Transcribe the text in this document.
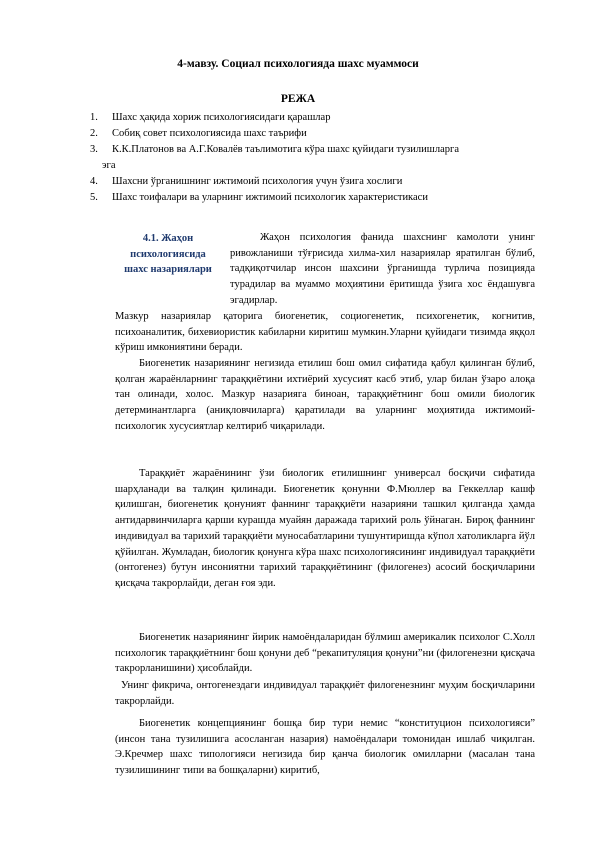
4-мавзу. Социал психологияда шахс муаммоси
РЕЖА
1. Шахс ҳақида хориж психологиясидаги қарашлар
2. Собиқ совет психологиясида шахс таърифи
3. К.К.Платонов ва А.Г.Ковалёв таълимотига кўра шахс қуйидаги тузилишларга
эга
4. Шахсни ўрганишнинг ижтимоий психология учун ўзига хослиги
5. Шахс тоифалари ва уларнинг ижтимоий психологик характеристикаси
4.1. Жаҳон психологиясида шахс назариялари

Жаҳон психология фанида шахснинг камолоти унинг ривожланиши тўғрисида хилма-хил назариялар яратилган бўлиб, тадқиқотчилар инсон шахсини ўрганишда турлича позицияда турадилар ва муаммо моҳиятини ёритишда ўзига хос ёндашувга эгадирлар.

Мазкур назариялар қаторига биогенетик, социогенетик, психогенетик, когнитив, психоаналитик, бихевиористик кабиларни киритиш мумкин.Уларни қуйидаги тизимда яққол кўриш имкониятини беради.

Биогенетик назариянинг негизида етилиш бош омил сифатида қабул қилинган бўлиб, қолган жараёнларнинг тараққиётини ихтиёрий хусусият касб этиб, улар билан ўзаро алоқа тан олинади, холос. Мазкур назарияга биноан, тараққиётнинг бош омили биологик детерминантларга (аниқловчиларга) қаратилади ва уларнинг моҳиятида ижтимоий-психологик хусусиятлар келтириб чиқарилади.

Тараққиёт жараёнининг ўзи биологик етилишнинг универсал босқичи сифатида шарҳланади ва талқин қилинади. Биогенетик қонунни Ф.Мюллер ва Геккеллар кашф қилишган, биогенетик қонуният фаннинг тараққиёти назарияни ташкил қилганда ҳамда антидарвинчиларга қарши курашда муайян даражада тарихий роль ўйнаган. Бироқ фаннинг индивидуал ва тарихий тараққиёти муносабатларини тушунтиришда кўпол хатоликларга йўл қўйилган. Жумладан, биологик қонунга кўра шахс психологиясининг индивидуал тараққиёти (онтогенез) бутун инсониятни тарихий тараққиётининг (филогенез) асосий босқичларини қисқача такрорлайди, деган ғоя эди.

Биогенетик назариянинг йирик намоёндаларидан бўлмиш америкалик психолог С.Холл психологик тараққиётнинг бош қонуни деб “рекапитуляция қонуни”ни (филогенезни қисқача такрорланишини) ҳисоблайди.

Унинг фикрича, онтогенездаги индивидуал тараққиёт филогенезнинг муҳим босқичларини такрорлайди.

Биогенетик концепциянинг бошқа бир тури немис “конституцион психологияси” (инсон тана тузилишига асосланган назария) намоёндалари томонидан ишлаб чиқилган. Э.Кречмер шахс типологияси негизида бир қанча биологик омилларни (масалан тана тузилишининг типи ва бошқаларни) киритиб,
